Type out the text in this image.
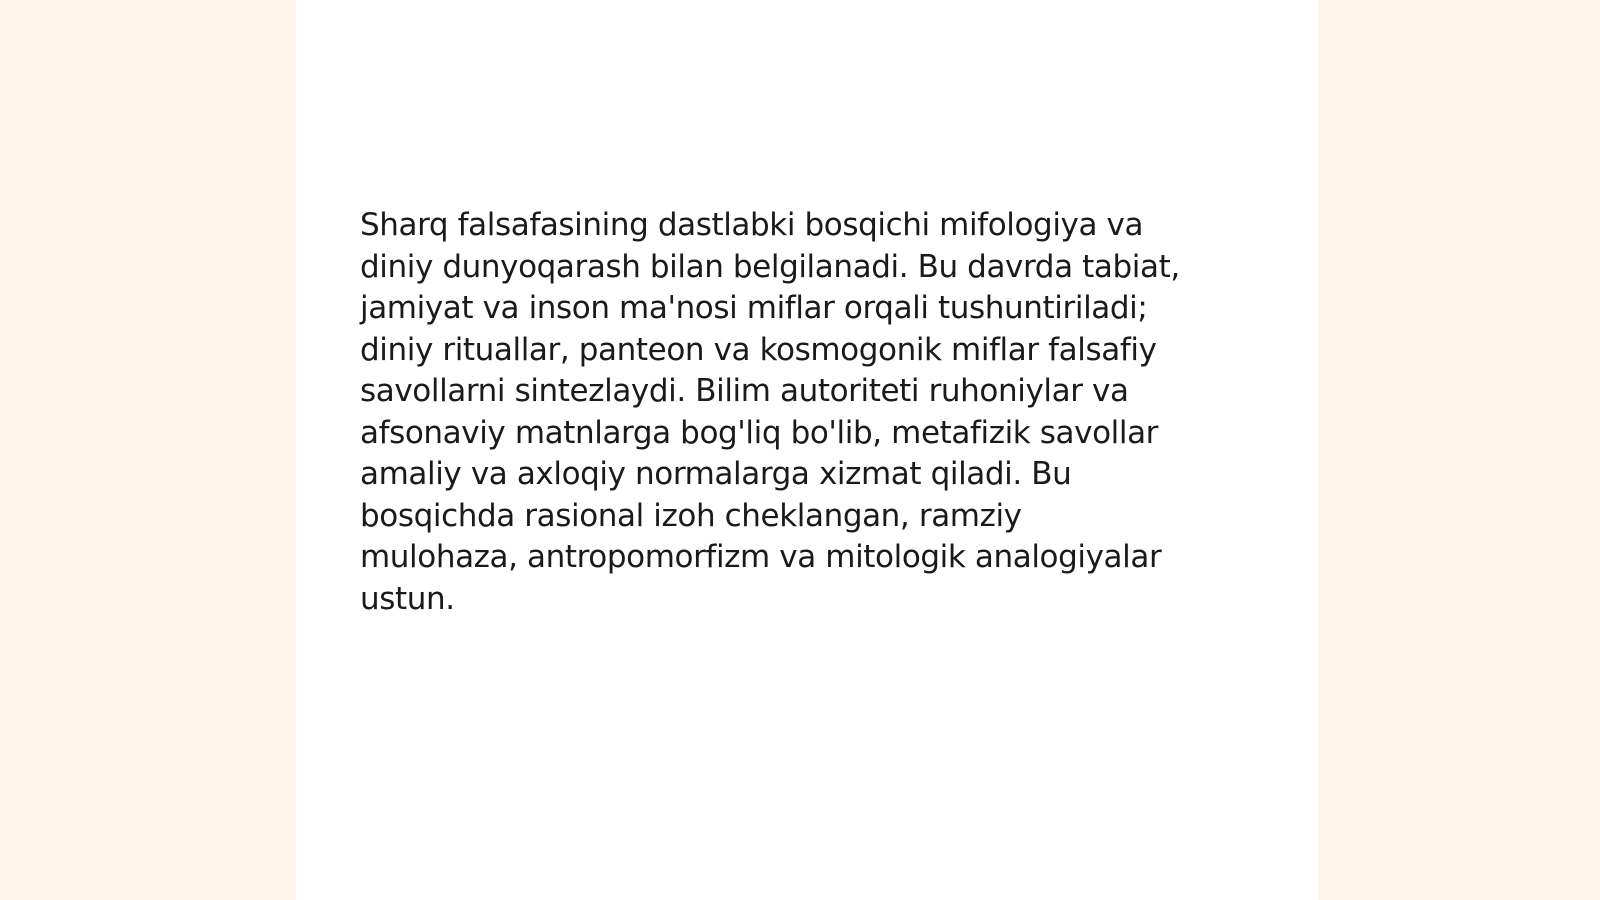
Sharq falsafasining dastlabki bosqichi mifologiya va
diniy dunyoqarash bilan belgilanadi. Bu davrda tabiat,
jamiyat va inson ma'nosi miflar orqali tushuntiriladi;
diniy rituallar, panteon va kosmogonik miflar falsafiy
savollarni sintezlaydi. Bilim autoriteti ruhoniylar va
afsonaviy matnlarga bog'liq bo'lib, metafizik savollar
amaliy va axloqiy normalarga xizmat qiladi. Bu
bosqichda rasional izoh cheklangan, ramziy
mulohaza, antropomorfizm va mitologik analogiyalar
ustun.
